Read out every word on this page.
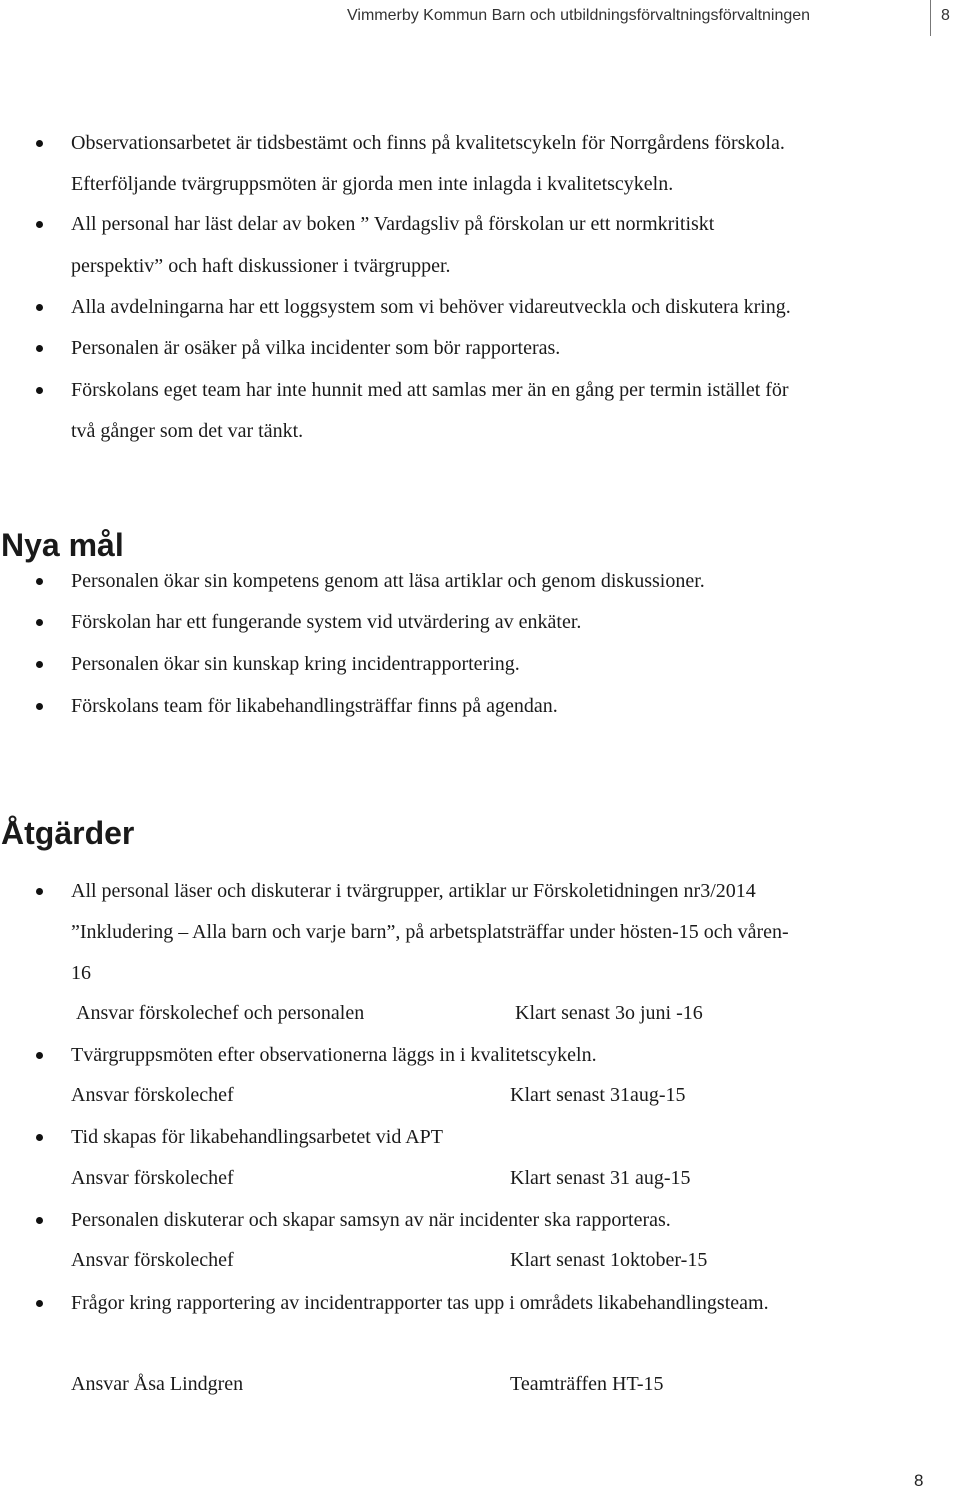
Vimmerby Kommun Barn och utbildningsförvaltningsförvaltningen	8
Observationsarbetet är tidsbestämt och finns på kvalitetscykeln för Norrgårdens förskola.
Efterföljande tvärgruppsmöten är gjorda men inte inlagda i kvalitetscykeln.
All personal har läst delar av boken ” Vardagsliv på förskolan ur ett normkritiskt
perspektiv” och haft diskussioner i tvärgrupper.
Alla avdelningarna har ett loggsystem som vi behöver vidareutveckla och diskutera kring.
Personalen är osäker på vilka incidenter som bör rapporteras.
Förskolans eget team har inte hunnit med att samlas mer än en gång per termin istället för
två gånger som det var tänkt.
Nya mål
Personalen ökar sin kompetens genom att läsa artiklar och genom diskussioner.
Förskolan har ett fungerande system vid utvärdering av enkäter.
Personalen ökar sin kunskap kring incidentrapportering.
Förskolans team för likabehandlingsträffar finns på agendan.
Åtgärder
All personal läser och diskuterar i tvärgrupper, artiklar ur Förskoletidningen nr3/2014
”Inkludering – Alla barn och varje barn”, på arbetsplatsträffar under hösten-15 och våren-
16
Ansvar förskolechef och personalen	Klart senast 3o juni -16
Tvärgruppsmöten efter observationerna läggs in i kvalitetscykeln.
Ansvar förskolechef	Klart senast 31aug-15
Tid skapas för likabehandlingsarbetet vid APT
Ansvar förskolechef	Klart senast 31 aug-15
Personalen diskuterar och skapar samsyn av när incidenter ska rapporteras.
Ansvar förskolechef	Klart senast 1oktober-15
Frågor kring rapportering av incidentrapporter tas upp i områdets likabehandlingsteam.
Ansvar Åsa Lindgren	Teamträffen HT-15
8
